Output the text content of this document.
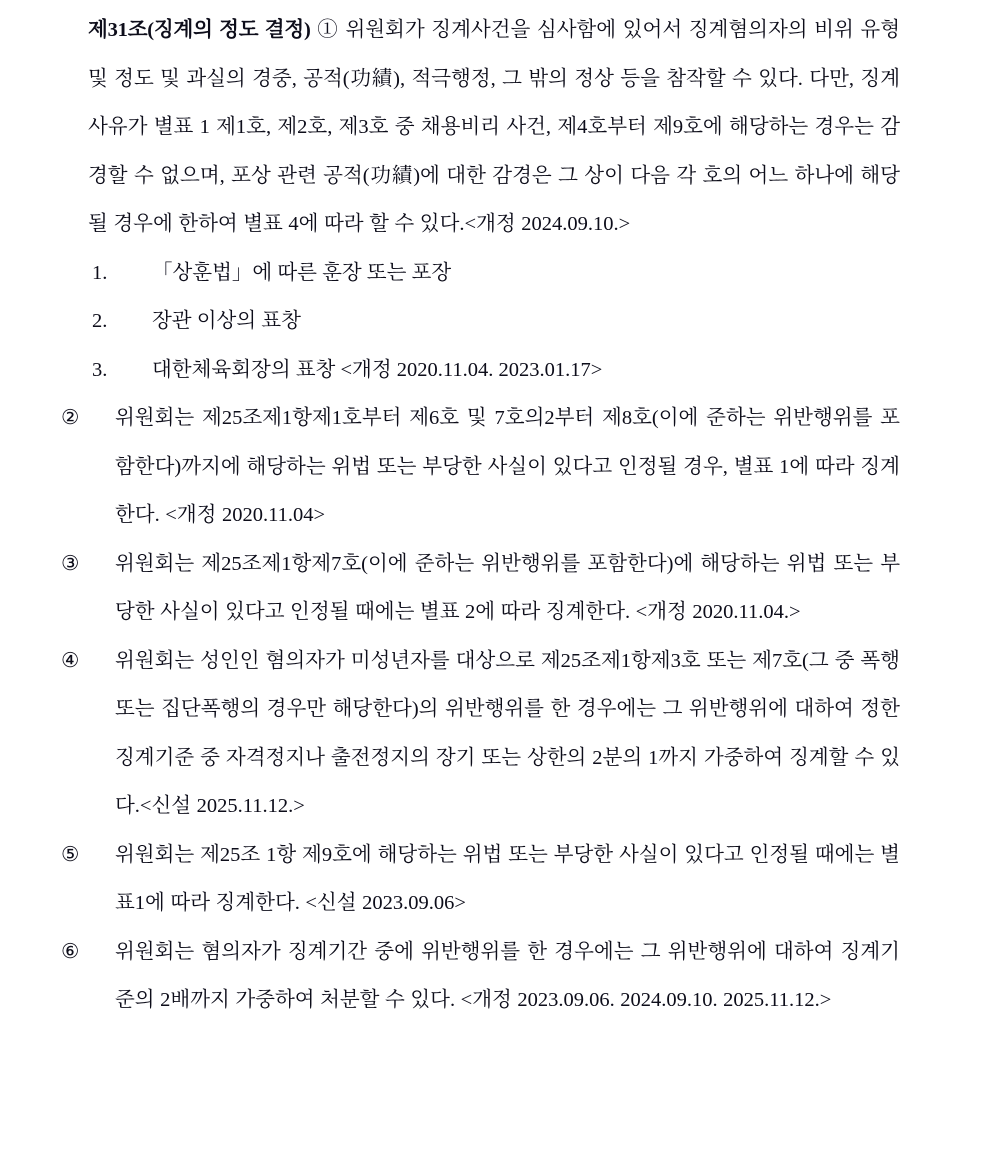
제31조(징계의 정도 결정) ① 위원회가 징계사건을 심사함에 있어서 징계혐의자의 비위 유형 및 정도 및 과실의 경중, 공적(功績), 적극행정, 그 밖의 정상 등을 참작할 수 있다. 다만, 징계 사유가 별표 1 제1호, 제2호, 제3호 중 채용비리 사건, 제4호부터 제9호에 해당하는 경우는 감경할 수 없으며, 포상 관련 공적(功績)에 대한 감경은 그 상이 다음 각 호의 어느 하나에 해당될 경우에 한하여 별표 4에 따라 할 수 있다.<개정 2024.09.10.>

1. 「상훈법」에 따른 훈장 또는 포장
2. 장관 이상의 표창
3. 대한체육회장의 표창 <개정 2020.11.04. 2023.01.17>

② 위원회는 제25조제1항제1호부터 제6호 및 7호의2부터 제8호(이에 준하는 위반행위를 포함한다)까지에 해당하는 위법 또는 부당한 사실이 있다고 인정될 경우, 별표 1에 따라 징계한다. <개정 2020.11.04>

③ 위원회는 제25조제1항제7호(이에 준하는 위반행위를 포함한다)에 해당하는 위법 또는 부당한 사실이 있다고 인정될 때에는 별표 2에 따라 징계한다. <개정 2020.11.04.>

④ 위원회는 성인인 혐의자가 미성년자를 대상으로 제25조제1항제3호 또는 제7호(그 중 폭행 또는 집단폭행의 경우만 해당한다)의 위반행위를 한 경우에는 그 위반행위에 대하여 정한 징계기준 중 자격정지나 출전정지의 장기 또는 상한의 2분의 1까지 가중하여 징계할 수 있다.<신설 2025.11.12.>

⑤ 위원회는 제25조 1항 제9호에 해당하는 위법 또는 부당한 사실이 있다고 인정될 때에는 별표1에 따라 징계한다. <신설 2023.09.06>

⑥ 위원회는 혐의자가 징계기간 중에 위반행위를 한 경우에는 그 위반행위에 대하여 징계기준의 2배까지 가중하여 처분할 수 있다. <개정 2023.09.06. 2024.09.10. 2025.11.12.>
